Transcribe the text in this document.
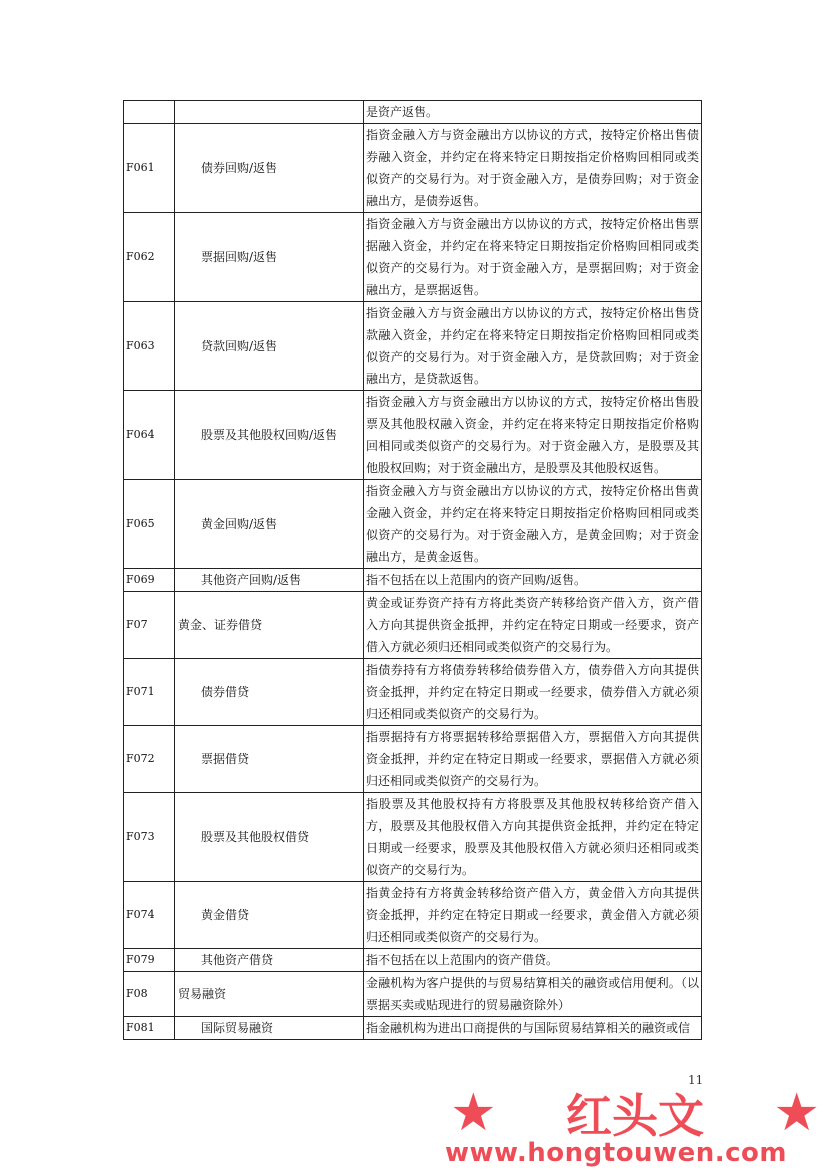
		是资产返售。
F061	债券回购/返售	指资金融入方与资金融出方以协议的方式，按特定价格出售债券融入资金，并约定在将来特定日期按指定价格购回相同或类似资产的交易行为。对于资金融入方，是债券回购；对于资金融出方，是债券返售。
F062	票据回购/返售	指资金融入方与资金融出方以协议的方式，按特定价格出售票据融入资金，并约定在将来特定日期按指定价格购回相同或类似资产的交易行为。对于资金融入方，是票据回购；对于资金融出方，是票据返售。
F063	贷款回购/返售	指资金融入方与资金融出方以协议的方式，按特定价格出售贷款融入资金，并约定在将来特定日期按指定价格购回相同或类似资产的交易行为。对于资金融入方，是贷款回购；对于资金融出方，是贷款返售。
F064	股票及其他股权回购/返售	指资金融入方与资金融出方以协议的方式，按特定价格出售股票及其他股权融入资金，并约定在将来特定日期按指定价格购回相同或类似资产的交易行为。对于资金融入方，是股票及其他股权回购；对于资金融出方，是股票及其他股权返售。
F065	黄金回购/返售	指资金融入方与资金融出方以协议的方式，按特定价格出售黄金融入资金，并约定在将来特定日期按指定价格购回相同或类似资产的交易行为。对于资金融入方，是黄金回购；对于资金融出方，是黄金返售。
F069	其他资产回购/返售	指不包括在以上范围内的资产回购/返售。
F07	黄金、证券借贷	黄金或证券资产持有方将此类资产转移给资产借入方，资产借入方向其提供资金抵押，并约定在特定日期或一经要求，资产借入方就必须归还相同或类似资产的交易行为。
F071	债券借贷	指债券持有方将债券转移给债券借入方，债券借入方向其提供资金抵押，并约定在特定日期或一经要求，债券借入方就必须归还相同或类似资产的交易行为。
F072	票据借贷	指票据持有方将票据转移给票据借入方，票据借入方向其提供资金抵押，并约定在特定日期或一经要求，票据借入方就必须归还相同或类似资产的交易行为。
F073	股票及其他股权借贷	指股票及其他股权持有方将股票及其他股权转移给资产借入方，股票及其他股权借入方向其提供资金抵押，并约定在特定日期或一经要求，股票及其他股权借入方就必须归还相同或类似资产的交易行为。
F074	黄金借贷	指黄金持有方将黄金转移给资产借入方，黄金借入方向其提供资金抵押，并约定在特定日期或一经要求，黄金借入方就必须归还相同或类似资产的交易行为。
F079	其他资产借贷	指不包括在以上范围内的资产借贷。
F08	贸易融资	金融机构为客户提供的与贸易结算相关的融资或信用便利。（以票据买卖或贴现进行的贸易融资除外）
F081	国际贸易融资	指金融机构为进出口商提供的与国际贸易结算相关的融资或信
11
★ 红头文 ★
www.hongtouwen.com
